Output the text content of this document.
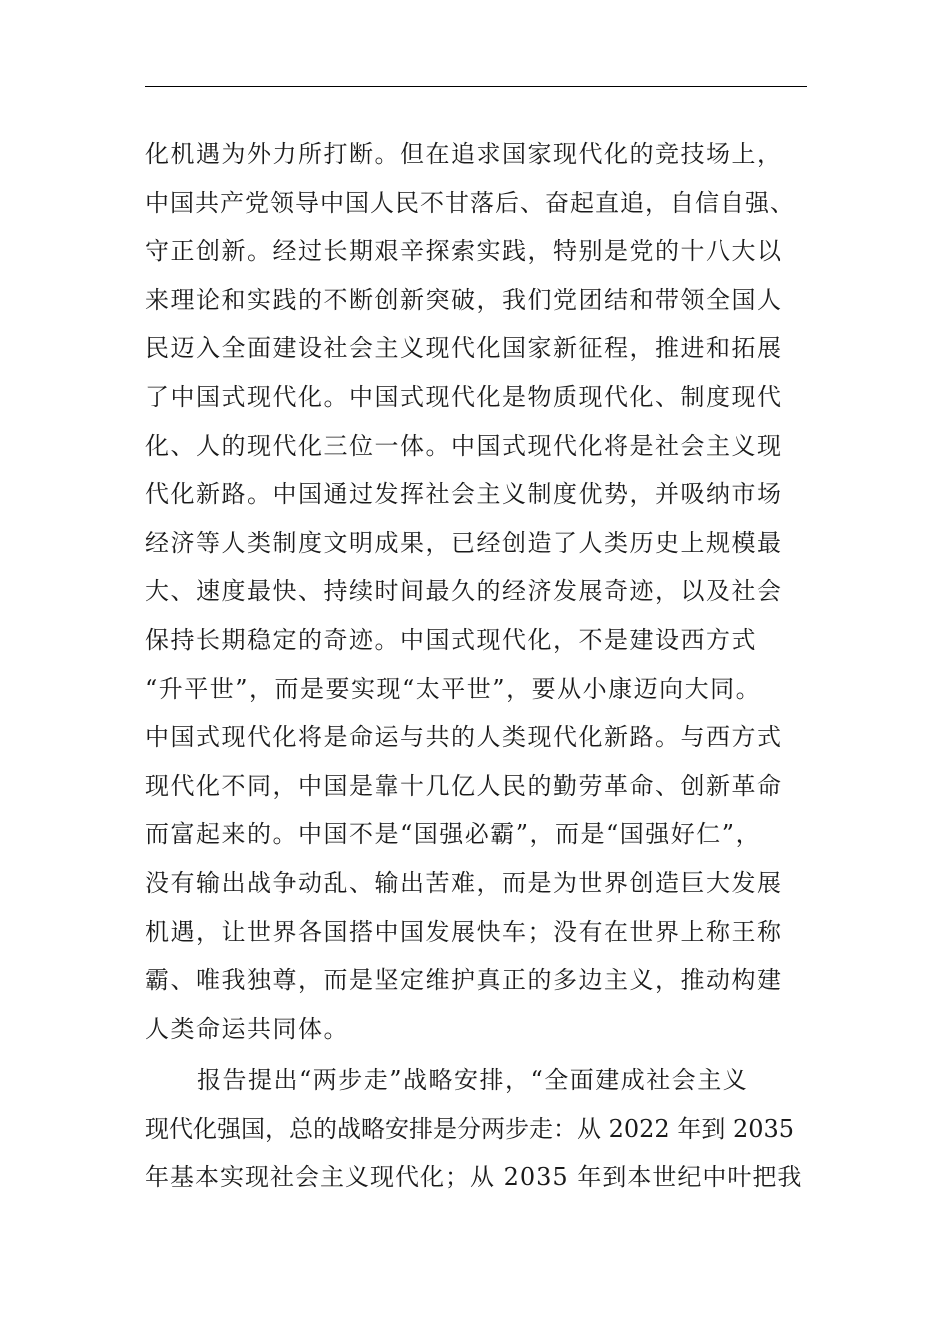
化机遇为外力所打断。但在追求国家现代化的竞技场上，
中国共产党领导中国人民不甘落后、奋起直追，自信自强、
守正创新。经过长期艰辛探索实践，特别是党的十八大以
来理论和实践的不断创新突破，我们党团结和带领全国人
民迈入全面建设社会主义现代化国家新征程，推进和拓展
了中国式现代化。中国式现代化是物质现代化、制度现代
化、人的现代化三位一体。中国式现代化将是社会主义现
代化新路。中国通过发挥社会主义制度优势，并吸纳市场
经济等人类制度文明成果，已经创造了人类历史上规模最
大、速度最快、持续时间最久的经济发展奇迹，以及社会
保持长期稳定的奇迹。中国式现代化，不是建设西方式
“升平世”，而是要实现“太平世”，要从小康迈向大同。
中国式现代化将是命运与共的人类现代化新路。与西方式
现代化不同，中国是靠十几亿人民的勤劳革命、创新革命
而富起来的。中国不是“国强必霸”，而是“国强好仁”，
没有输出战争动乱、输出苦难，而是为世界创造巨大发展
机遇，让世界各国搭中国发展快车；没有在世界上称王称
霸、唯我独尊，而是坚定维护真正的多边主义，推动构建
人类命运共同体。
报告提出“两步走”战略安排，“全面建成社会主义
现代化强国，总的战略安排是分两步走：从 2022 年到 2035
年基本实现社会主义现代化；从 2035 年到本世纪中叶把我
